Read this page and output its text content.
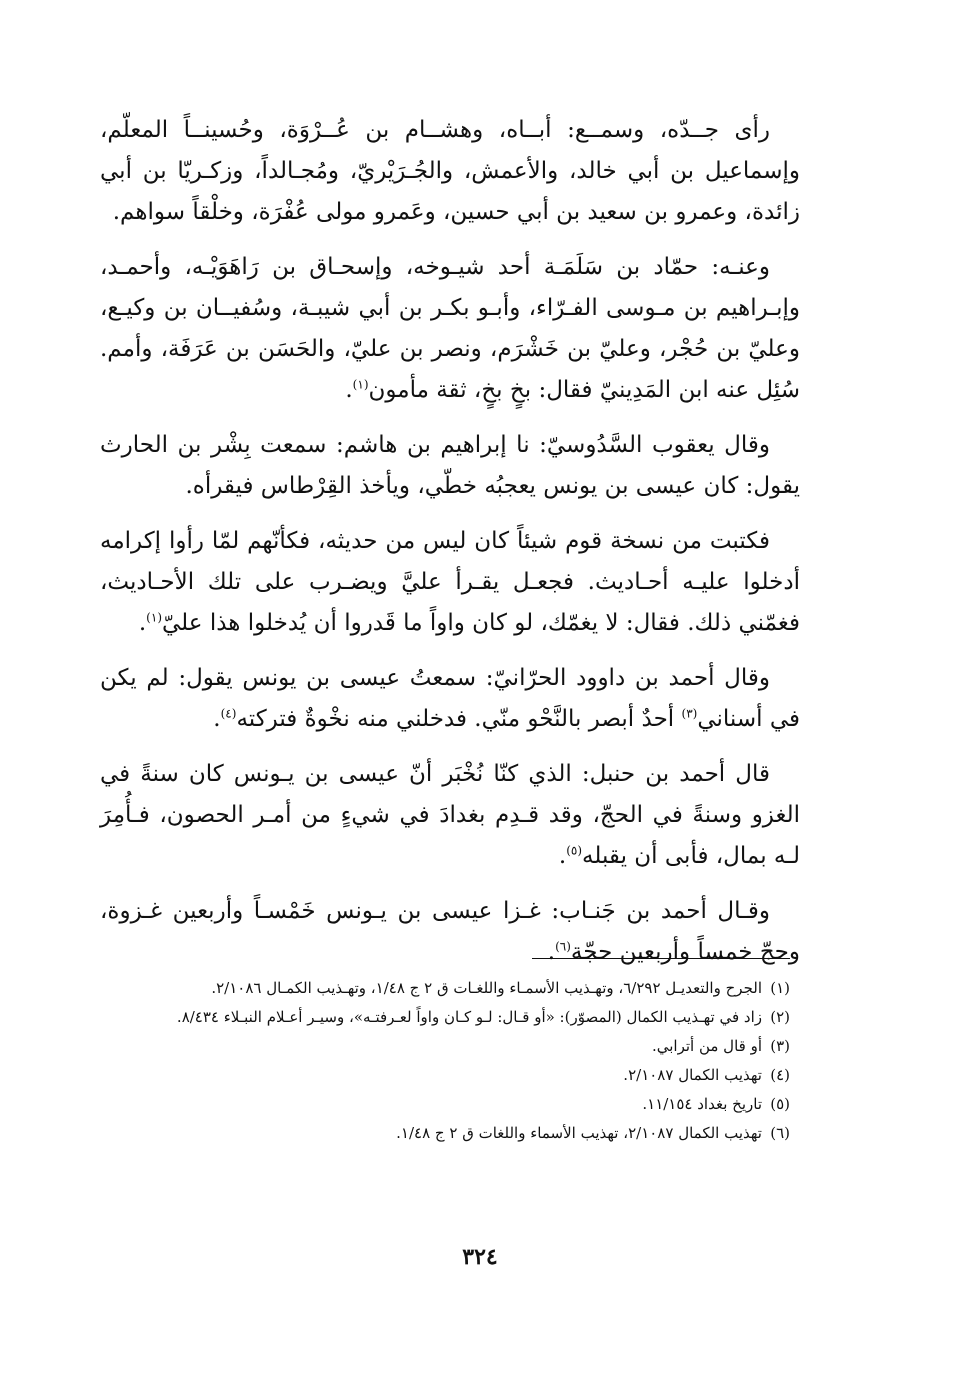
رأى جــدّه، وسمــع: أبــاه، وهشــام بن عُــرْوَة، وحُسينــاً المعلّم، وإسماعيل بن أبي خالد، والأعمش، والجُـرَيْريّ، ومُجـالداً، وزكـريّا بن أبي زائدة، وعمرو بن سعيد بن أبي حسين، وعَمرو مولى عُفْرَة، وخلْقاً سواهم.

وعنـه: حمّاد بن سَلَمَـة أحد شيـوخه، وإسحـاق بن رَاهَوَيْـه، وأحمـد، وإبـراهيم بن مـوسى الفـرّاء، وأبـو بكـر بن أبي شيبـة، وسُفيــان بن وكيـع، وعليّ بن حُجْر، وعليّ بن خَشْرَم، ونصر بن عليّ، والحَسَن بن عَرَفَة، وأمم. سُئِل عنه ابن المَدِينيّ فقال: بخٍ بخٍ، ثقة مأمون$^{(١)}$.

وقال يعقوب السَّدُوسيّ: نا إبراهيم بن هاشم: سمعت بِشْر بن الحارث يقول: كان عيسى بن يونس يعجبُه خطّي، ويأخذ القِرْطاس فيقرأه.

فكتبت من نسخة قوم شيئاً كان ليس من حديثه، فكأنّهم لمّا رأوا إكرامه أدخلوا عليـه أحـاديث. فجعـل يقـرأ عليَّ ويضـرب على تلك الأحـاديث، فغمّني ذلك. فقال: لا يغمّك، لو كان واواً ما قَدروا أن يُدخلوا هذا عليّ$^{(١)}$.

وقال أحمد بن داوود الحرّانيّ: سمعتُ عيسى بن يونس يقول: لم يكن في أسناني$^{(٣)}$ أحدٌ أبصر بالنَّحْو منّي. فدخلني منه نخْوةٌ فتركته$^{(٤)}$.

قال أحمد بن حنبل: الذي كنّا نُخْبَر أنّ عيسى بن يـونس كان سنةً في الغزو وسنةً في الحجّ، وقد قـدِم بغدادَ في شيءٍ من أمـر الحصون، فـأُمِرَ لـه بمال، فأبى أن يقبله$^{(٥)}$.

وقـال أحمد بن جَنـاب: غـزا عيسى بن يـونس خَمْسـاً وأربعين غـزوة، وحجّ خمساً وأربعين حجّة$^{(٦)}$.

(١)الجرح والتعديـل ٦/٢٩٢، وتهـذيب الأسمـاء واللغـات ق ٢ ج ١/٤٨، وتهـذيب الكمـال ٢/١٠٨٦.
(٢)زاد في تهـذيب الكمال (المصوّر): «أو قـال: لـو كـان واواً لعـرفتـه»، وسيـر أعـلام النبـلاء ٨/٤٣٤.
(٣)أو قال من أترابي.
(٤)تهذيب الكمال ٢/١٠٨٧.
(٥)تاريخ بغداد ١١/١٥٤.
(٦)تهذيب الكمال ٢/١٠٨٧، تهذيب الأسماء واللغات ق ٢ ج ١/٤٨.
٣٢٤
